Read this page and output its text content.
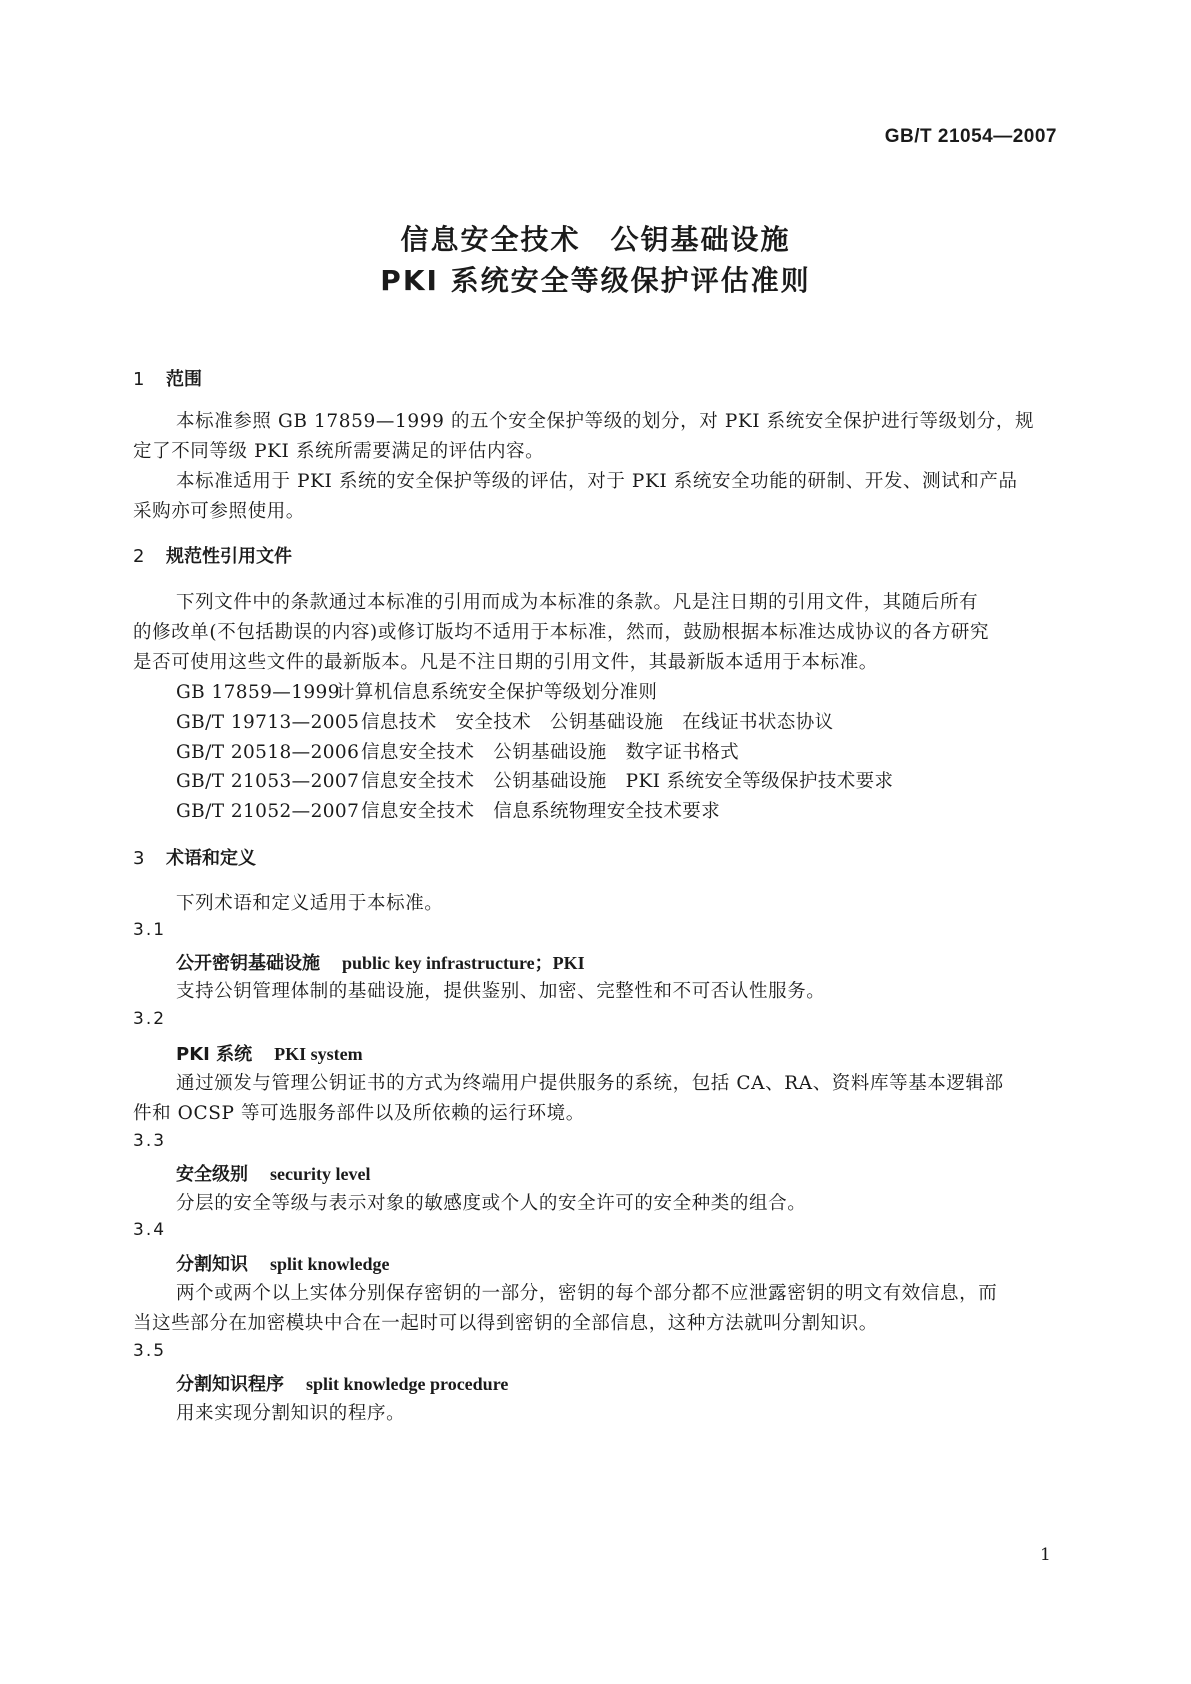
GB/T 21054—2007
信息安全技术　公钥基础设施
PKI 系统安全等级保护评估准则
1 范围
本标准参照 GB 17859—1999 的五个安全保护等级的划分，对 PKI 系统安全保护进行等级划分，规
定了不同等级 PKI 系统所需要满足的评估内容。
本标准适用于 PKI 系统的安全保护等级的评估，对于 PKI 系统安全功能的研制、开发、测试和产品
采购亦可参照使用。
2 规范性引用文件
下列文件中的条款通过本标准的引用而成为本标准的条款。凡是注日期的引用文件，其随后所有
的修改单(不包括勘误的内容)或修订版均不适用于本标准，然而，鼓励根据本标准达成协议的各方研究
是否可使用这些文件的最新版本。凡是不注日期的引用文件，其最新版本适用于本标准。
GB 17859—1999计算机信息系统安全保护等级划分准则
GB/T 19713—2005信息技术　安全技术　公钥基础设施　在线证书状态协议
GB/T 20518—2006信息安全技术　公钥基础设施　数字证书格式
GB/T 21053—2007信息安全技术　公钥基础设施　PKI 系统安全等级保护技术要求
GB/T 21052—2007信息安全技术　信息系统物理安全技术要求
3 术语和定义
下列术语和定义适用于本标准。
3.1
公开密钥基础设施 public key infrastructure；PKI
支持公钥管理体制的基础设施，提供鉴别、加密、完整性和不可否认性服务。
3.2
PKI 系统 PKI system
通过颁发与管理公钥证书的方式为终端用户提供服务的系统，包括 CA、RA、资料库等基本逻辑部
件和 OCSP 等可选服务部件以及所依赖的运行环境。
3.3
安全级别 security level
分层的安全等级与表示对象的敏感度或个人的安全许可的安全种类的组合。
3.4
分割知识 split knowledge
两个或两个以上实体分别保存密钥的一部分，密钥的每个部分都不应泄露密钥的明文有效信息，而
当这些部分在加密模块中合在一起时可以得到密钥的全部信息，这种方法就叫分割知识。
3.5
分割知识程序 split knowledge procedure
用来实现分割知识的程序。
1
